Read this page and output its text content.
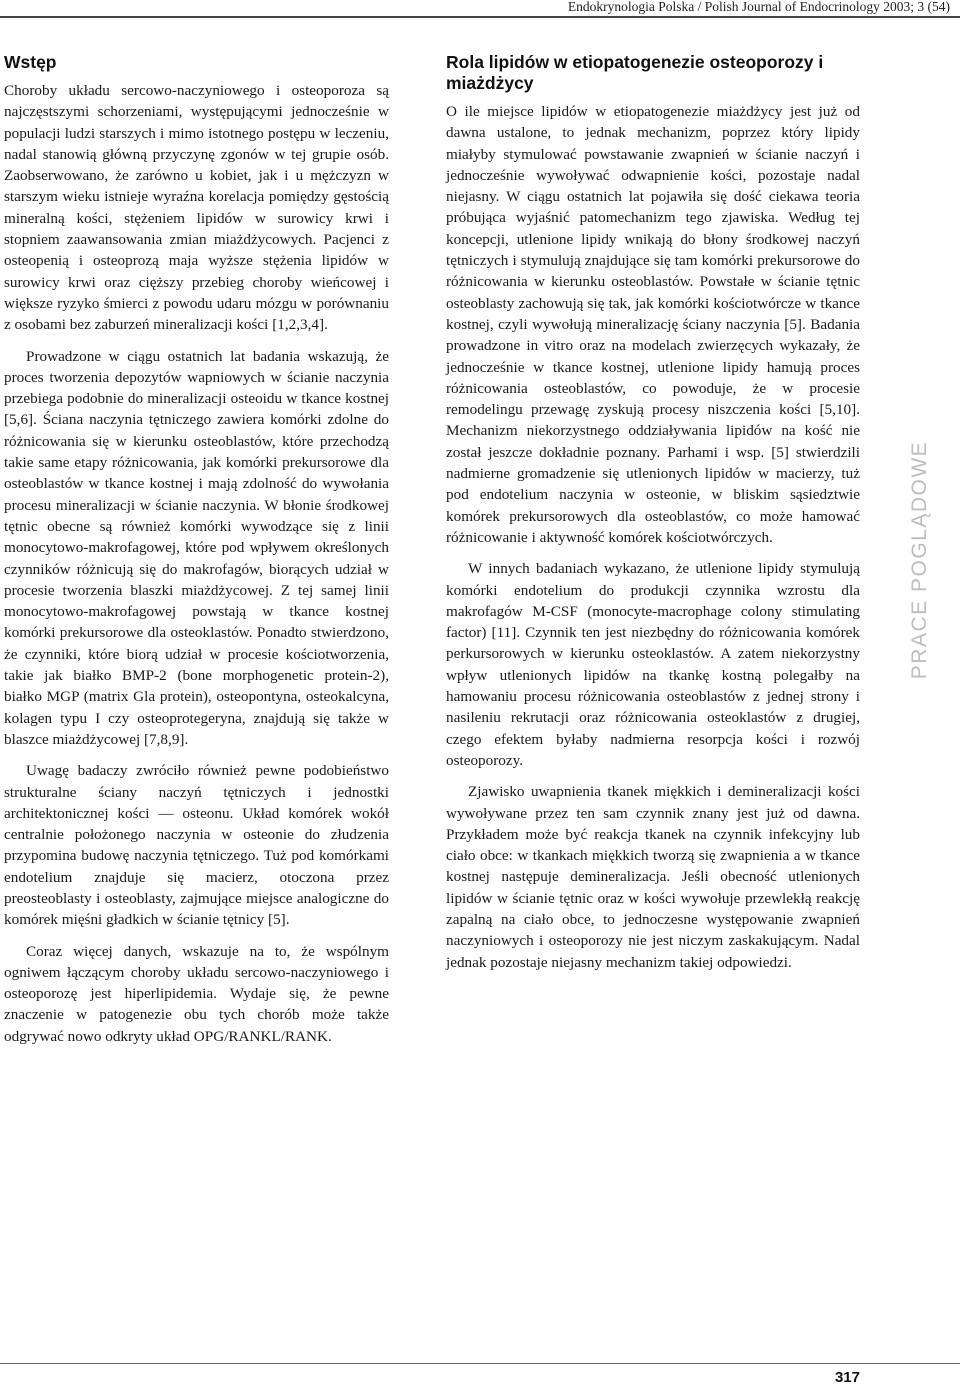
Endokrynologia Polska / Polish Journal of Endocrinology 2003; 3 (54)
Wstęp

Choroby układu sercowo-naczyniowego i osteoporoza są najczęstszymi schorzeniami, występującymi jednocześnie w populacji ludzi starszych i mimo istotnego postępu w leczeniu, nadal stanowią główną przyczynę zgonów w tej grupie osób. Zaobserwowano, że zarówno u kobiet, jak i u mężczyzn w starszym wieku istnieje wyraźna korelacja pomiędzy gęstością mineralną kości, stężeniem lipidów w surowicy krwi i stopniem zaawansowania zmian miażdżycowych. Pacjenci z osteopenią i osteoprozą maja wyższe stężenia lipidów w surowicy krwi oraz cięższy przebieg choroby wieńcowej i większe ryzyko śmierci z powodu udaru mózgu w porównaniu z osobami bez zaburzeń mineralizacji kości [1,2,3,4].

Prowadzone w ciągu ostatnich lat badania wskazują, że proces tworzenia depozytów wapniowych w ścianie naczynia przebiega podobnie do mineralizacji osteoidu w tkance kostnej [5,6]. Ściana naczynia tętniczego zawiera komórki zdolne do różnicowania się w kierunku osteoblastów, które przechodzą takie same etapy różnicowania, jak komórki prekursorowe dla osteoblastów w tkance kostnej i mają zdolność do wywołania procesu mineralizacji w ścianie naczynia. W błonie środkowej tętnic obecne są również komórki wywodzące się z linii monocytowo-makrofagowej, które pod wpływem określonych czynników różnicują się do makrofagów, biorących udział w procesie tworzenia blaszki miażdżycowej. Z tej samej linii monocytowo-makrofagowej powstają w tkance kostnej komórki prekursorowe dla osteoklastów. Ponadto stwierdzono, że czynniki, które biorą udział w procesie kościotworzenia, takie jak białko BMP-2 (bone morphogenetic protein-2), białko MGP (matrix Gla protein), osteopontyna, osteokalcyna, kolagen typu I czy osteoprotegeryna, znajdują się także w blaszce miażdżycowej [7,8,9].

Uwagę badaczy zwróciło również pewne podobieństwo strukturalne ściany naczyń tętniczych i jednostki architektonicznej kości — osteonu. Układ komórek wokół centralnie położonego naczynia w osteonie do złudzenia przypomina budowę naczynia tętniczego. Tuż pod komórkami endotelium znajduje się macierz, otoczona przez preosteoblasty i osteoblasty, zajmujące miejsce analogiczne do komórek mięśni gładkich w ścianie tętnicy [5].

Coraz więcej danych, wskazuje na to, że wspólnym ogniwem łączącym choroby układu sercowo-naczyniowego i osteoporozę jest hiperlipidemia. Wydaje się, że pewne znaczenie w patogenezie obu tych chorób może także odgrywać nowo odkryty układ OPG/RANKL/RANK.

Rola lipidów w etiopatogenezie osteoporozy i miażdżycy

O ile miejsce lipidów w etiopatogenezie miażdżycy jest już od dawna ustalone, to jednak mechanizm, poprzez który lipidy miałyby stymulować powstawanie zwapnień w ścianie naczyń i jednocześnie wywoływać odwapnienie kości, pozostaje nadal niejasny. W ciągu ostatnich lat pojawiła się dość ciekawa teoria próbująca wyjaśnić patomechanizm tego zjawiska. Według tej koncepcji, utlenione lipidy wnikają do błony środkowej naczyń tętniczych i stymulują znajdujące się tam komórki prekursorowe do różnicowania w kierunku osteoblastów. Powstałe w ścianie tętnic osteoblasty zachowują się tak, jak komórki kościotwórcze w tkance kostnej, czyli wywołują mineralizację ściany naczynia [5]. Badania prowadzone in vitro oraz na modelach zwierzęcych wykazały, że jednocześnie w tkance kostnej, utlenione lipidy hamują proces różnicowania osteoblastów, co powoduje, że w procesie remodelingu przewagę zyskują procesy niszczenia kości [5,10]. Mechanizm niekorzystnego oddziaływania lipidów na kość nie został jeszcze dokładnie poznany. Parhami i wsp. [5] stwierdzili nadmierne gromadzenie się utlenionych lipidów w macierzy, tuż pod endotelium naczynia w osteonie, w bliskim sąsiedztwie komórek prekursorowych dla osteoblastów, co może hamować różnicowanie i aktywność komórek kościotwórczych.

W innych badaniach wykazano, że utlenione lipidy stymulują komórki endotelium do produkcji czynnika wzrostu dla makrofagów M-CSF (monocyte-macrophage colony stimulating factor) [11]. Czynnik ten jest niezbędny do różnicowania komórek perkursorowych w kierunku osteoklastów. A zatem niekorzystny wpływ utlenionych lipidów na tkankę kostną polegałby na hamowaniu procesu różnicowania osteoblastów z jednej strony i nasileniu rekrutacji oraz różnicowania osteoklastów z drugiej, czego efektem byłaby nadmierna resorpcja kości i rozwój osteoporozy.

Zjawisko uwapnienia tkanek miękkich i demineralizacji kości wywoływane przez ten sam czynnik znany jest już od dawna. Przykładem może być reakcja tkanek na czynnik infekcyjny lub ciało obce: w tkankach miękkich tworzą się zwapnienia a w tkance kostnej następuje demineralizacja. Jeśli obecność utlenionych lipidów w ścianie tętnic oraz w kości wywołuje przewlekłą reakcję zapalną na ciało obce, to jednoczesne występowanie zwapnień naczyniowych i osteoporozy nie jest niczym zaskakującym. Nadal jednak pozostaje niejasny mechanizm takiej odpowiedzi.

PRACE POGLĄDOWE
317
